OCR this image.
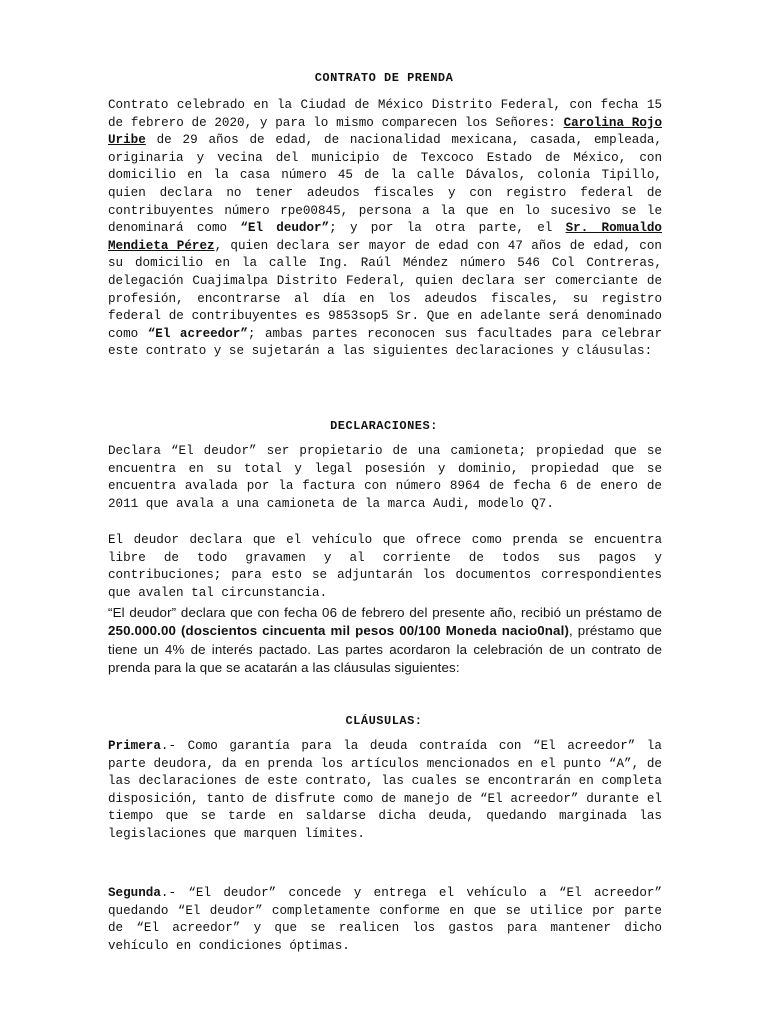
CONTRATO DE PRENDA

Contrato celebrado en la Ciudad de México Distrito Federal, con fecha 15 de febrero de 2020, y para lo mismo comparecen los Señores: Carolina Rojo Uribe de 29 años de edad, de nacionalidad mexicana, casada, empleada, originaria y vecina del municipio de Texcoco Estado de México, con domicilio en la casa número 45 de la calle Dávalos, colonia Tipillo, quien declara no tener adeudos fiscales y con registro federal de contribuyentes número rpe00845, persona a la que en lo sucesivo se le denominará como “El deudor”; y por la otra parte, el Sr. Romualdo Mendieta Pérez, quien declara ser mayor de edad con 47 años de edad, con su domicilio en la calle Ing. Raúl Méndez número 546 Col Contreras, delegación Cuajimalpa Distrito Federal, quien declara ser comerciante de profesión, encontrarse al día en los adeudos fiscales, su registro federal de contribuyentes es 9853sop5 Sr. Que en adelante será denominado como “El acreedor”; ambas partes reconocen sus facultades para celebrar este contrato y se sujetarán a las siguientes declaraciones y cláusulas:

DECLARACIONES:

Declara “El deudor” ser propietario de una camioneta; propiedad que se encuentra en su total y legal posesión y dominio, propiedad que se encuentra avalada por la factura con número 8964 de fecha 6 de enero de 2011 que avala a una camioneta de la marca Audi, modelo Q7.

El deudor declara que el vehículo que ofrece como prenda se encuentra libre de todo gravamen y al corriente de todos sus pagos y contribuciones; para esto se adjuntarán los documentos correspondientes que avalen tal circunstancia.

“El deudor” declara que con fecha 06 de febrero del presente año, recibió un préstamo de 250.000.00 (doscientos cincuenta mil pesos 00/100 Moneda nacio0nal), préstamo que tiene un 4% de interés pactado. Las partes acordaron la celebración de un contrato de prenda para la que se acatarán a las cláusulas siguientes:

CLÁUSULAS:

Primera.- Como garantía para la deuda contraída con “El acreedor” la parte deudora, da en prenda los artículos mencionados en el punto “A”, de las declaraciones de este contrato, las cuales se encontrarán en completa disposición, tanto de disfrute como de manejo de “El acreedor” durante el tiempo que se tarde en saldarse dicha deuda, quedando marginada las legislaciones que marquen límites.

Segunda.- “El deudor” concede y entrega el vehículo a “El acreedor” quedando “El deudor” completamente conforme en que se utilice por parte de “El acreedor” y que se realicen los gastos para mantener dicho vehículo en condiciones óptimas.
